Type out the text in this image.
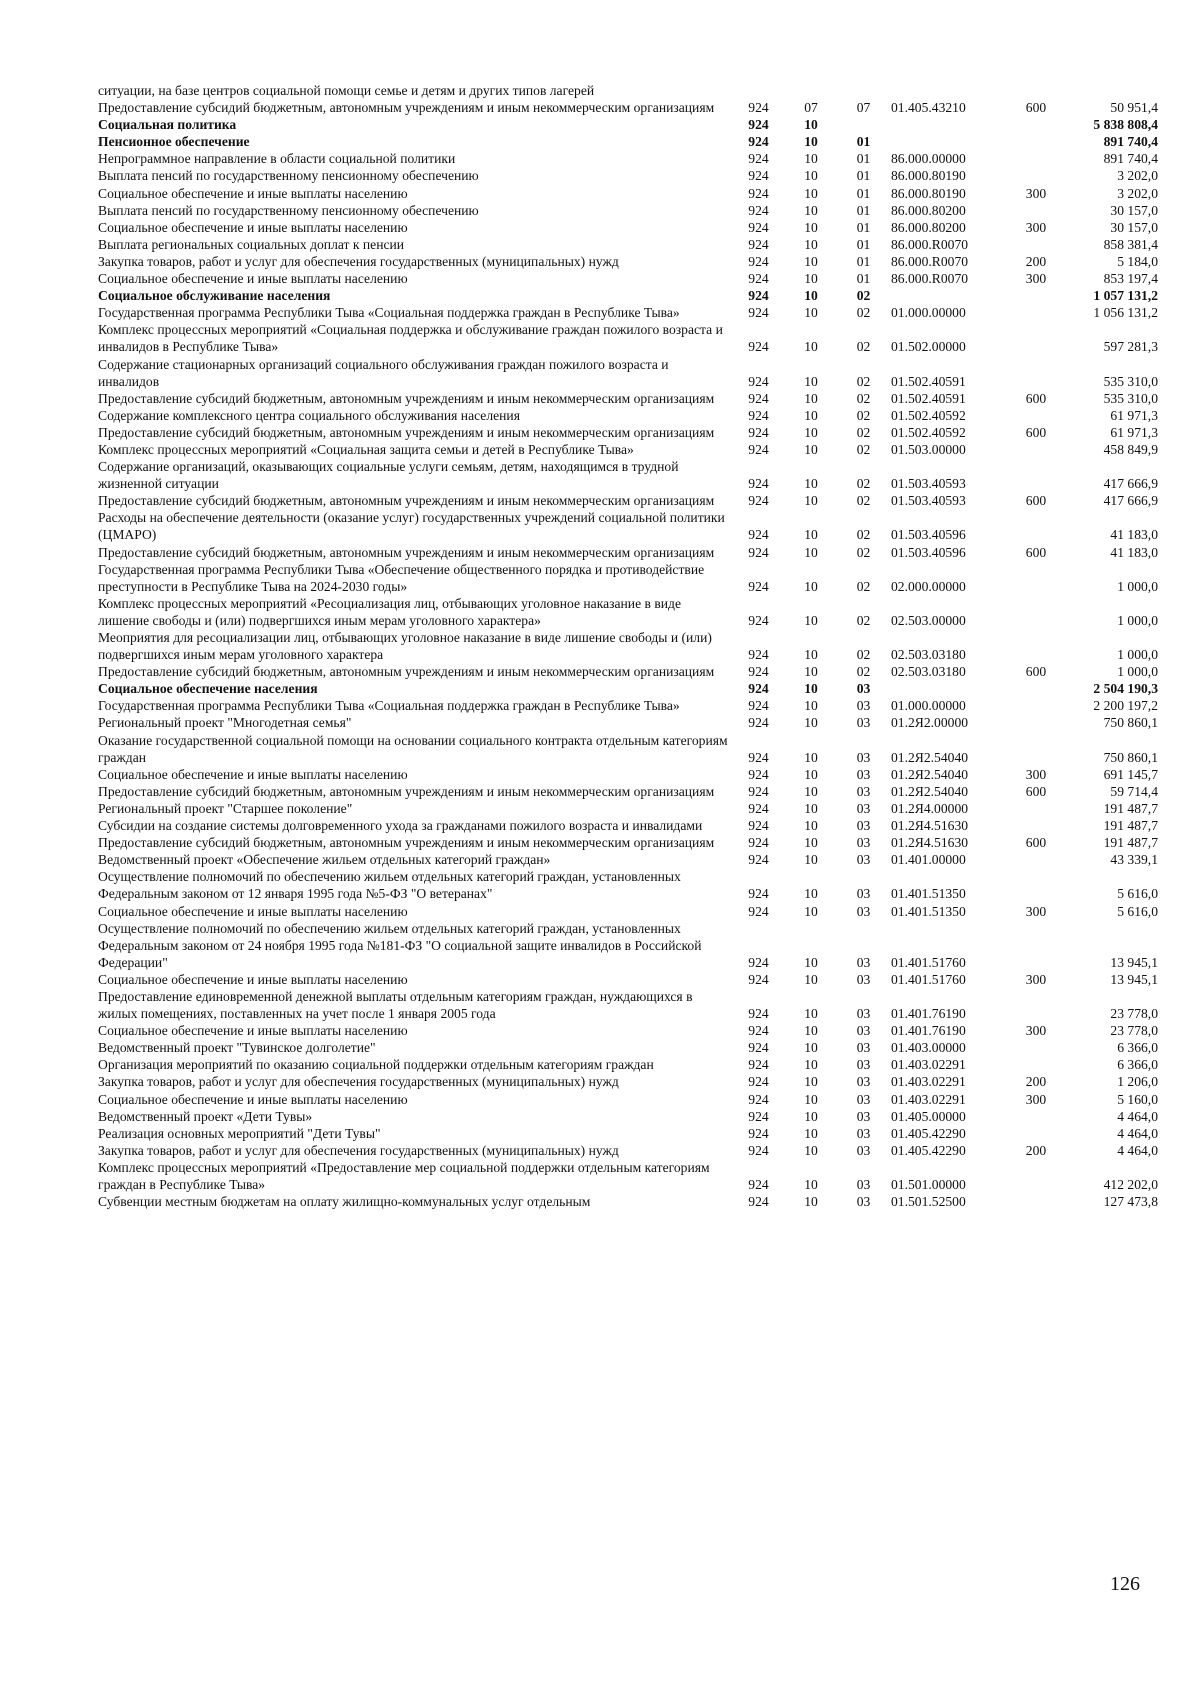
ситуации, на базе центров социальной помощи семье и детям и других типов лагерей						
Предоставление субсидий бюджетным, автономным учреждениям и иным некоммерческим организациям	924	07	07	01.405.43210	600	50 951,4
Социальная политика	924	10				5 838 808,4
Пенсионное обеспечение	924	10	01			891 740,4
Непрограммное направление в области социальной политики	924	10	01	86.000.00000		891 740,4
Выплата пенсий по государственному пенсионному обеспечению	924	10	01	86.000.80190		3 202,0
Социальное обеспечение и иные выплаты населению	924	10	01	86.000.80190	300	3 202,0
Выплата пенсий по государственному пенсионному обеспечению	924	10	01	86.000.80200		30 157,0
Социальное обеспечение и иные выплаты населению	924	10	01	86.000.80200	300	30 157,0
Выплата региональных социальных доплат к пенсии	924	10	01	86.000.R0070		858 381,4
Закупка товаров, работ и услуг для обеспечения государственных (муниципальных) нужд	924	10	01	86.000.R0070	200	5 184,0
Социальное обеспечение и иные выплаты населению	924	10	01	86.000.R0070	300	853 197,4
Социальное обслуживание населения	924	10	02			1 057 131,2
Государственная программа Республики Тыва «Социальная поддержка граждан в Республике Тыва»	924	10	02	01.000.00000		1 056 131,2
Комплекс процессных мероприятий «Социальная поддержка и обслуживание граждан пожилого возраста и инвалидов в Республике Тыва»	924	10	02	01.502.00000		597 281,3
Содержание стационарных организаций социального обслуживания граждан пожилого возраста и инвалидов	924	10	02	01.502.40591		535 310,0
Предоставление субсидий бюджетным, автономным учреждениям и иным некоммерческим организациям	924	10	02	01.502.40591	600	535 310,0
Содержание комплексного центра социального обслуживания населения	924	10	02	01.502.40592		61 971,3
Предоставление субсидий бюджетным, автономным учреждениям и иным некоммерческим организациям	924	10	02	01.502.40592	600	61 971,3
Комплекс процессных мероприятий «Социальная защита семьи и детей в Республике Тыва»	924	10	02	01.503.00000		458 849,9
Содержание организаций, оказывающих социальные услуги семьям, детям, находящимся в трудной жизненной ситуации	924	10	02	01.503.40593		417 666,9
Предоставление субсидий бюджетным, автономным учреждениям и иным некоммерческим организациям	924	10	02	01.503.40593	600	417 666,9
Расходы на обеспечение деятельности (оказание услуг) государственных учреждений социальной политики (ЦМАРО)	924	10	02	01.503.40596		41 183,0
Предоставление субсидий бюджетным, автономным учреждениям и иным некоммерческим организациям	924	10	02	01.503.40596	600	41 183,0
Государственная программа Республики Тыва «Обеспечение общественного порядка и противодействие преступности в Республике Тыва на 2024-2030 годы»	924	10	02	02.000.00000		1 000,0
Комплекс процессных мероприятий «Ресоциализация лиц, отбывающих уголовное наказание в виде лишение свободы и (или) подвергшихся иным мерам уголовного характера»	924	10	02	02.503.00000		1 000,0
Меоприятия для ресоциализации лиц, отбывающих уголовное наказание в виде лишение свободы и (или) подвергшихся иным мерам уголовного характера	924	10	02	02.503.03180		1 000,0
Предоставление субсидий бюджетным, автономным учреждениям и иным некоммерческим организациям	924	10	02	02.503.03180	600	1 000,0
Социальное обеспечение населения	924	10	03			2 504 190,3
Государственная программа Республики Тыва «Социальная поддержка граждан в Республике Тыва»	924	10	03	01.000.00000		2 200 197,2
Региональный проект "Многодетная семья"	924	10	03	01.2Я2.00000		750 860,1
Оказание государственной социальной помощи на основании социального контракта отдельным категориям граждан	924	10	03	01.2Я2.54040		750 860,1
Социальное обеспечение и иные выплаты населению	924	10	03	01.2Я2.54040	300	691 145,7
Предоставление субсидий бюджетным, автономным учреждениям и иным некоммерческим организациям	924	10	03	01.2Я2.54040	600	59 714,4
Региональный проект "Старшее поколение"	924	10	03	01.2Я4.00000		191 487,7
Субсидии на создание системы долговременного ухода за гражданами пожилого возраста и инвалидами	924	10	03	01.2Я4.51630		191 487,7
Предоставление субсидий бюджетным, автономным учреждениям и иным некоммерческим организациям	924	10	03	01.2Я4.51630	600	191 487,7
Ведомственный проект «Обеспечение жильем отдельных категорий граждан»	924	10	03	01.401.00000		43 339,1
Осуществление полномочий по обеспечению жильем отдельных категорий граждан, установленных Федеральным законом от 12 января 1995 года №5-ФЗ "О ветеранах"	924	10	03	01.401.51350		5 616,0
Социальное обеспечение и иные выплаты населению	924	10	03	01.401.51350	300	5 616,0
Осуществление полномочий по обеспечению жильем отдельных категорий граждан, установленных Федеральным законом от 24 ноября 1995 года №181-ФЗ "О социальной защите инвалидов в Российской Федерации"	924	10	03	01.401.51760		13 945,1
Социальное обеспечение и иные выплаты населению	924	10	03	01.401.51760	300	13 945,1
Предоставление единовременной денежной выплаты отдельным категориям граждан, нуждающихся в жилых помещениях, поставленных на учет после 1 января 2005 года	924	10	03	01.401.76190		23 778,0
Социальное обеспечение и иные выплаты населению	924	10	03	01.401.76190	300	23 778,0
Ведомственный проект "Тувинское долголетие"	924	10	03	01.403.00000		6 366,0
Организация мероприятий по оказанию социальной поддержки отдельным категориям граждан	924	10	03	01.403.02291		6 366,0
Закупка товаров, работ и услуг для обеспечения государственных (муниципальных) нужд	924	10	03	01.403.02291	200	1 206,0
Социальное обеспечение и иные выплаты населению	924	10	03	01.403.02291	300	5 160,0
Ведомственный проект «Дети Тувы»	924	10	03	01.405.00000		4 464,0
Реализация основных мероприятий "Дети Тувы"	924	10	03	01.405.42290		4 464,0
Закупка товаров, работ и услуг для обеспечения государственных (муниципальных) нужд	924	10	03	01.405.42290	200	4 464,0
Комплекс процессных мероприятий «Предоставление мер социальной поддержки отдельным категориям граждан в Республике Тыва»	924	10	03	01.501.00000		412 202,0
Субвенции местным бюджетам на оплату жилищно-коммунальных услуг отдельным	924	10	03	01.501.52500		127 473,8
126
